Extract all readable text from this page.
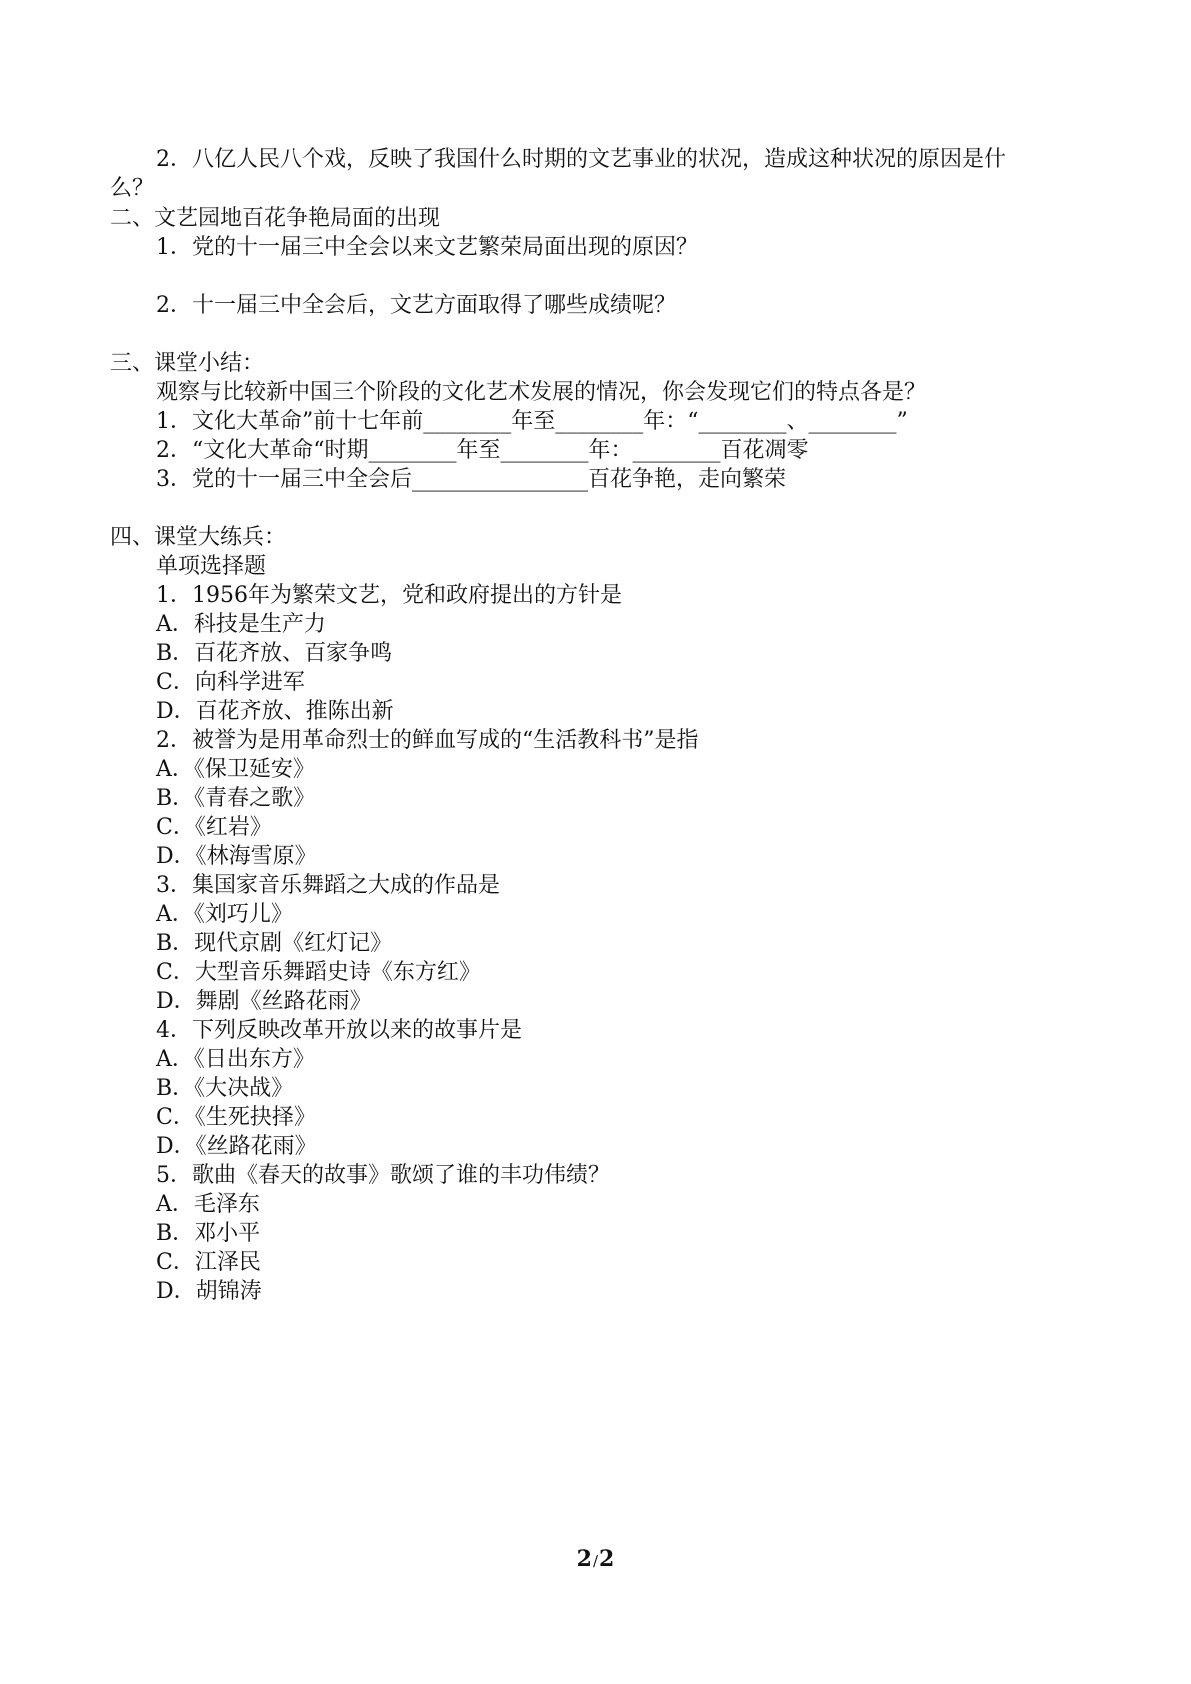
2．八亿人民八个戏，反映了我国什么时期的文艺事业的状况，造成这种状况的原因是什
么？
二、文艺园地百花争艳局面的出现
1．党的十一届三中全会以来文艺繁荣局面出现的原因？
2．十一届三中全会后，文艺方面取得了哪些成绩呢？
三、课堂小结：
观察与比较新中国三个阶段的文化艺术发展的情况，你会发现它们的特点各是？
1．文化大革命”前十七年前________年至________年：“________、________”
2．“文化大革命“时期________年至________年：________百花凋零
3．党的十一届三中全会后________________百花争艳，走向繁荣
四、课堂大练兵：
单项选择题
1．1956年为繁荣文艺，党和政府提出的方针是
A．科技是生产力
B．百花齐放、百家争鸣
C．向科学进军
D．百花齐放、推陈出新
2．被誉为是用革命烈士的鲜血写成的“生活教科书”是指
A．《保卫延安》
B．《青春之歌》
C．《红岩》
D．《林海雪原》
3．集国家音乐舞蹈之大成的作品是
A．《刘巧儿》
B．现代京剧《红灯记》
C．大型音乐舞蹈史诗《东方红》
D．舞剧《丝路花雨》
4．下列反映改革开放以来的故事片是
A．《日出东方》
B．《大决战》
C．《生死抉择》
D．《丝路花雨》
5．歌曲《春天的故事》歌颂了谁的丰功伟绩？
A．毛泽东
B．邓小平
C．江泽民
D．胡锦涛
2/2
